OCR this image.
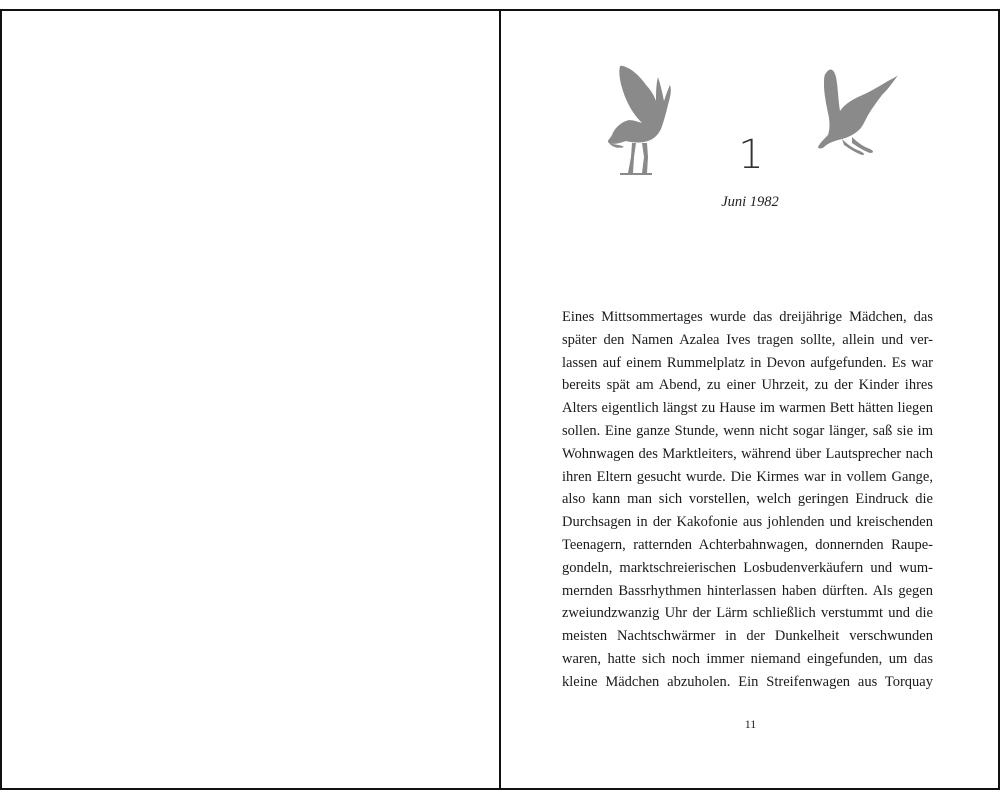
1
Juni 1982
Eines Mittsommertages wurde das dreijährige Mädchen, das
später den Namen Azalea Ives tragen sollte, allein und ver-
lassen auf einem Rummelplatz in Devon aufgefunden. Es war
bereits spät am Abend, zu einer Uhrzeit, zu der Kinder ihres
Alters eigentlich längst zu Hause im warmen Bett hätten liegen
sollen. Eine ganze Stunde, wenn nicht sogar länger, saß sie im
Wohnwagen des Marktleiters, während über Lautsprecher nach
ihren Eltern gesucht wurde. Die Kirmes war in vollem Gange,
also kann man sich vorstellen, welch geringen Eindruck die
Durchsagen in der Kakofonie aus johlenden und kreischenden
Teenagern, ratternden Achterbahnwagen, donnernden Raupe-
gondeln, marktschreierischen Losbudenverkäufern und wum-
mernden Bassrhythmen hinterlassen haben dürften. Als gegen
zweiundzwanzig Uhr der Lärm schließlich verstummt und die
meisten Nachtschwärmer in der Dunkelheit verschwunden
waren, hatte sich noch immer niemand eingefunden, um das
kleine Mädchen abzuholen. Ein Streifenwagen aus Torquay
11
